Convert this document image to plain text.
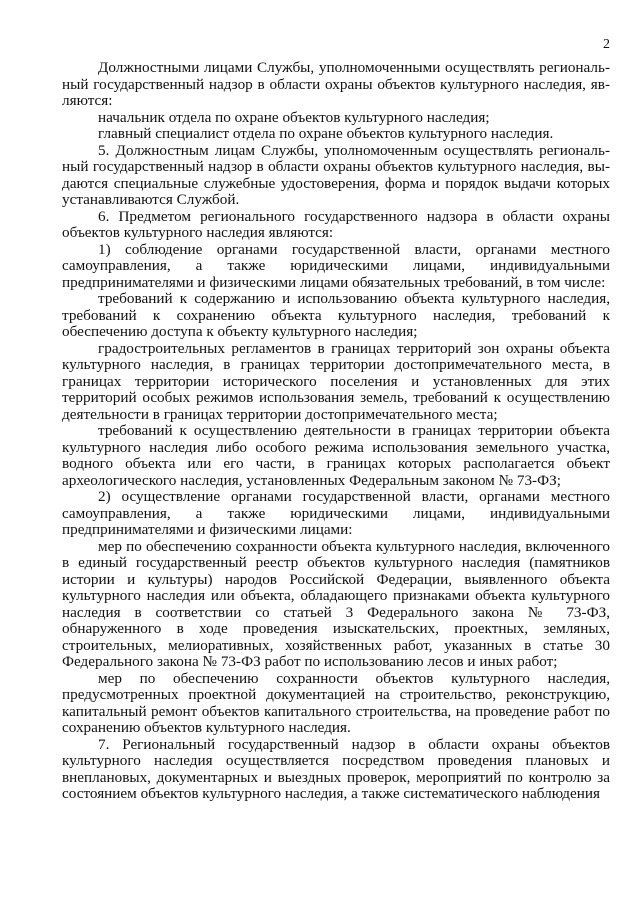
2

Должностными лицами Службы, уполномоченными осуществлять региональный государственный надзор в области охраны объектов культурного наследия, являются:

начальник отдела по охране объектов культурного наследия;

главный специалист отдела по охране объектов культурного наследия.

5. Должностным лицам Службы, уполномоченным осуществлять региональный государственный надзор в области охраны объектов культурного наследия, выдаются специальные служебные удостоверения, форма и порядок выдачи которых устанавливаются Службой.

6. Предметом регионального государственного надзора в области охраны объектов культурного наследия являются:

1) соблюдение органами государственной власти, органами местного самоуправления, а также юридическими лицами, индивидуальными предпринимателями и физическими лицами обязательных требований, в том числе:

требований к содержанию и использованию объекта культурного наследия, требований к сохранению объекта культурного наследия, требований к обеспечению доступа к объекту культурного наследия;

градостроительных регламентов в границах территорий зон охраны объекта культурного наследия, в границах территории достопримечательного места, в границах территории исторического поселения и установленных для этих территорий особых режимов использования земель, требований к осуществлению деятельности в границах территории достопримечательного места;

требований к осуществлению деятельности в границах территории объекта культурного наследия либо особого режима использования земельного участка, водного объекта или его части, в границах которых располагается объект археологического наследия, установленных Федеральным законом № 73-ФЗ;

2) осуществление органами государственной власти, органами местного самоуправления, а также юридическими лицами, индивидуальными предпринимателями и физическими лицами:

мер по обеспечению сохранности объекта культурного наследия, включенного в единый государственный реестр объектов культурного наследия (памятников истории и культуры) народов Российской Федерации, выявленного объекта культурного наследия или объекта, обладающего признаками объекта культурного наследия в соответствии со статьей 3 Федерального закона № 73-ФЗ, обнаруженного в ходе проведения изыскательских, проектных, земляных, строительных, мелиоративных, хозяйственных работ, указанных в статье 30 Федерального закона № 73-ФЗ работ по использованию лесов и иных работ;

мер по обеспечению сохранности объектов культурного наследия, предусмотренных проектной документацией на строительство, реконструкцию, капитальный ремонт объектов капитального строительства, на проведение работ по сохранению объектов культурного наследия.

7. Региональный государственный надзор в области охраны объектов культурного наследия осуществляется посредством проведения плановых и внеплановых, документарных и выездных проверок, мероприятий по контролю за состоянием объектов культурного наследия, а также систематического наблюдения
